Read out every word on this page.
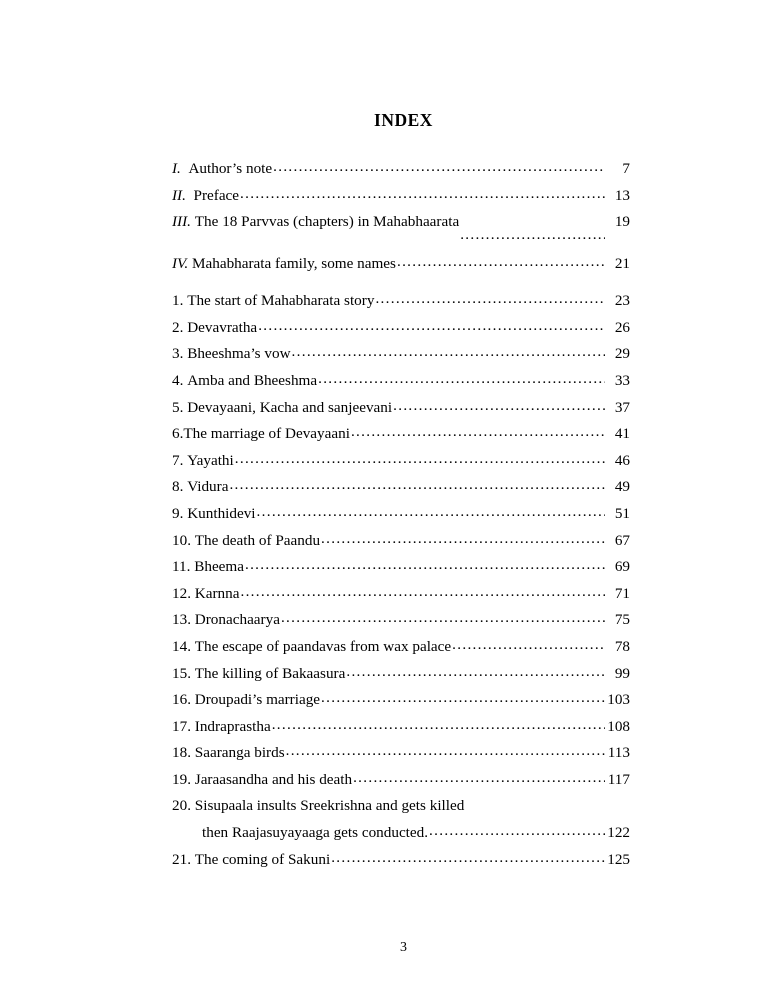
INDEX
I. Author’s note .....	7
II. Preface .....	13
III. The 18 Parvvas (chapters) in Mahabhaarata .....	19
IV. Mahabharata family, some names .....	21
1. The start of Mahabharata story .....	23
2. Devavratha .....	26
3. Bheeshma’s vow .....	29
4. Amba and Bheeshma .....	33
5. Devayaani, Kacha and sanjeevani .....	37
6.The marriage of Devayaani .....	41
7. Yayathi .....	46
8. Vidura .....	49
9. Kunthidevi .....	51
10. The death of Paandu .....	67
11. Bheema .....	69
12. Karnna .....	71
13. Dronachaarya .....	75
14. The escape of paandavas from wax palace .....	78
15. The killing of Bakaasura .....	99
16. Droupadi’s marriage .....	103
17. Indraprastha .....	108
18. Saaranga birds .....	113
19. Jaraasandha and his death .....	117
20. Sisupaala insults Sreekrishna and gets killed
then Raajasuyayaaga gets conducted. .....	122
21. The coming of Sakuni .....	125
3
